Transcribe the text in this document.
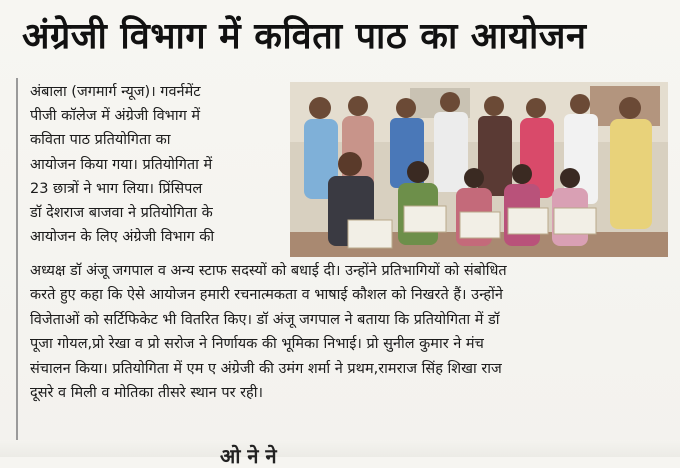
अंग्रेजी विभाग में कविता पाठ का आयोजन
अंबाला (जगमार्ग न्यूज)। गवर्नमेंट
पीजी कॉलेज में अंग्रेजी विभाग में
कविता पाठ प्रतियोगिता का
आयोजन किया गया। प्रतियोगिता में
23 छात्रों ने भाग लिया। प्रिंसिपल
डॉ देशराज बाजवा ने प्रतियोगिता के
आयोजन के लिए अंग्रेजी विभाग की
अध्यक्ष डॉ अंजू जगपाल व अन्य स्टाफ सदस्यों को बधाई दी। उन्होंने प्रतिभागियों को संबोधित
करते हुए कहा कि ऐसे आयोजन हमारी रचनात्मकता व भाषाई कौशल को निखरते हैं। उन्होंने
विजेताओं को सर्टिफिकेट भी वितरित किए। डॉ अंजू जगपाल ने बताया कि प्रतियोगिता में डॉ
पूजा गोयल,प्रो रेखा व प्रो सरोज ने निर्णायक की भूमिका निभाई। प्रो सुनील कुमार ने मंच
संचालन किया। प्रतियोगिता में एम ए अंग्रेजी की उमंग शर्मा ने प्रथम,रामराज सिंह शिखा राज
दूसरे व मिली व मोतिका तीसरे स्थान पर रही।
ओ ने ने
